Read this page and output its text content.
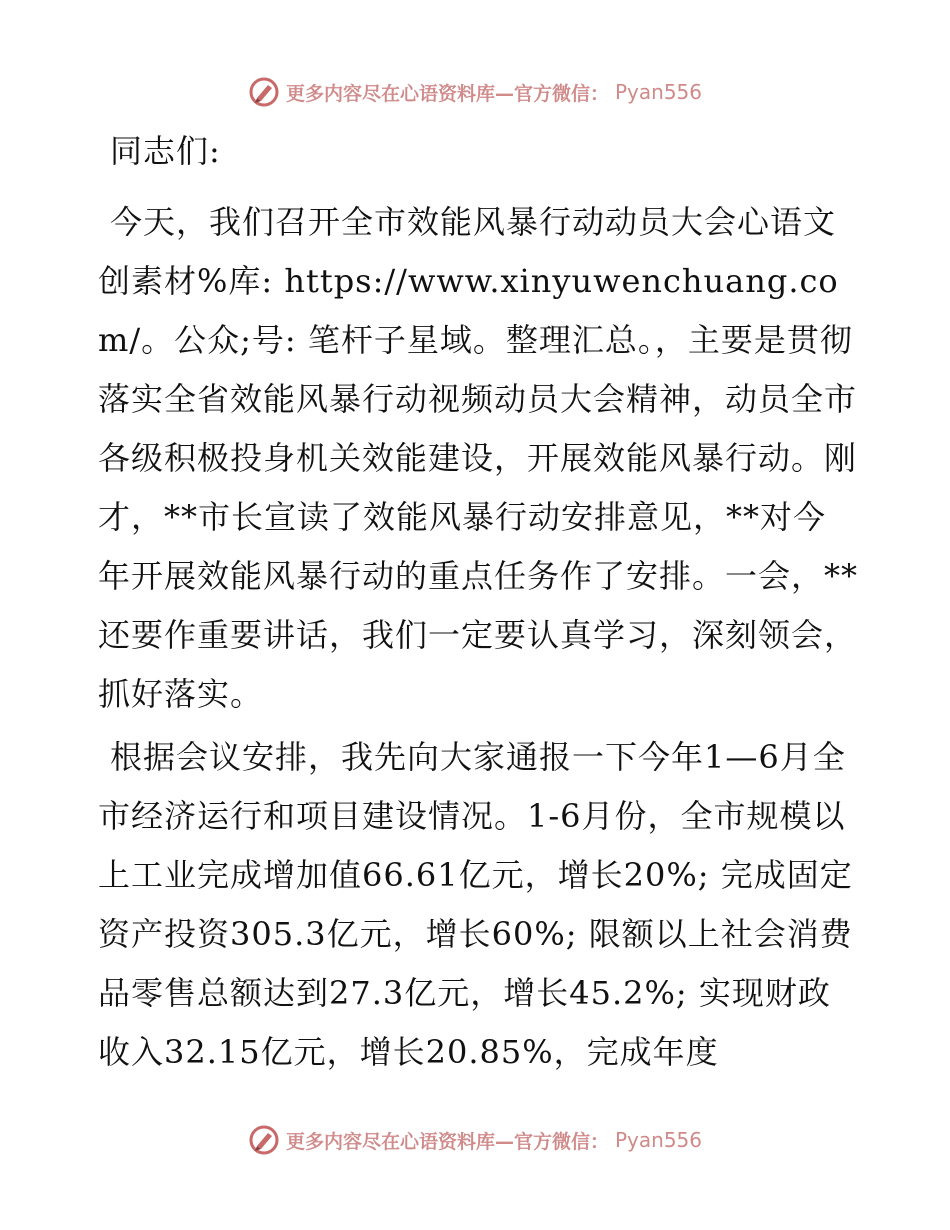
更多内容尽在心语资料库—官方微信： Pyan556

同志们:

今天，我们召开全市效能风暴行动动员大会心语文创素材%库: https://www.xinyuwenchuang.com/。公众;号: 笔杆子星域。整理汇总。，主要是贯彻落实全省效能风暴行动视频动员大会精神，动员全市各级积极投身机关效能建设，开展效能风暴行动。刚才，**市长宣读了效能风暴行动安排意见，**对今年开展效能风暴行动的重点任务作了安排。一会，**还要作重要讲话，我们一定要认真学习，深刻领会，抓好落实。

根据会议安排，我先向大家通报一下今年1—6月全市经济运行和项目建设情况。1-6月份，全市规模以上工业完成增加值66.61亿元，增长20%; 完成固定资产投资305.3亿元，增长60%; 限额以上社会消费品零售总额达到27.3亿元，增长45.2%; 实现财政收入32.15亿元，增长20.85%，完成年度

更多内容尽在心语资料库—官方微信： Pyan556
